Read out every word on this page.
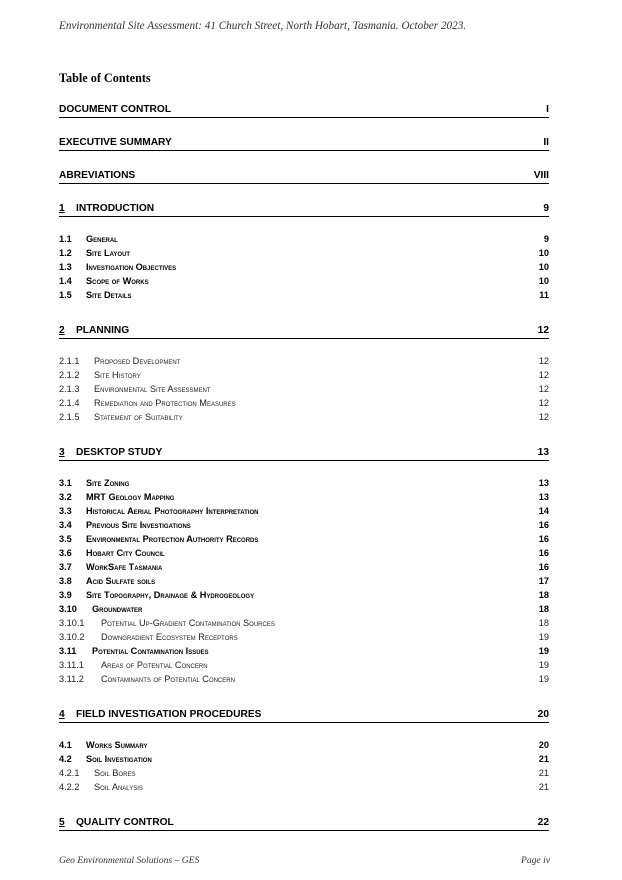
Environmental Site Assessment: 41 Church Street, North Hobart, Tasmania. October 2023.
Table of Contents
DOCUMENT CONTROL	I
EXECUTIVE SUMMARY	II
ABREVIATIONS	VIII
1	INTRODUCTION	9
1.1	General	9
1.2	Site Layout	10
1.3	Investigation Objectives	10
1.4	Scope of Works	10
1.5	Site Details	11
2	PLANNING	12
2.1.1	Proposed Development	12
2.1.2	Site History	12
2.1.3	Environmental Site Assessment	12
2.1.4	Remediation and Protection Measures	12
2.1.5	Statement of Suitability	12
3	DESKTOP STUDY	13
3.1	Site Zoning	13
3.2	MRT Geology Mapping	13
3.3	Historical Aerial Photography Interpretation	14
3.4	Previous Site Investigations	16
3.5	Environmental Protection Authority Records	16
3.6	Hobart City Council	16
3.7	WorkSafe Tasmania	16
3.8	Acid Sulfate soils	17
3.9	Site Topography, Drainage & Hydrogeology	18
3.10	Groundwater	18
3.10.1	Potential Up-Gradient Contamination Sources	18
3.10.2	Downgradient Ecosystem Receptors	19
3.11	Potential Contamination Issues	19
3.11.1	Areas of Potential Concern	19
3.11.2	Contaminants of Potential Concern	19
4	FIELD INVESTIGATION PROCEDURES	20
4.1	Works Summary	20
4.2	Soil Investigation	21
4.2.1	Soil Bores	21
4.2.2	Soil Analysis	21
5	QUALITY CONTROL	22
Geo Environmental Solutions – GES	Page iv
